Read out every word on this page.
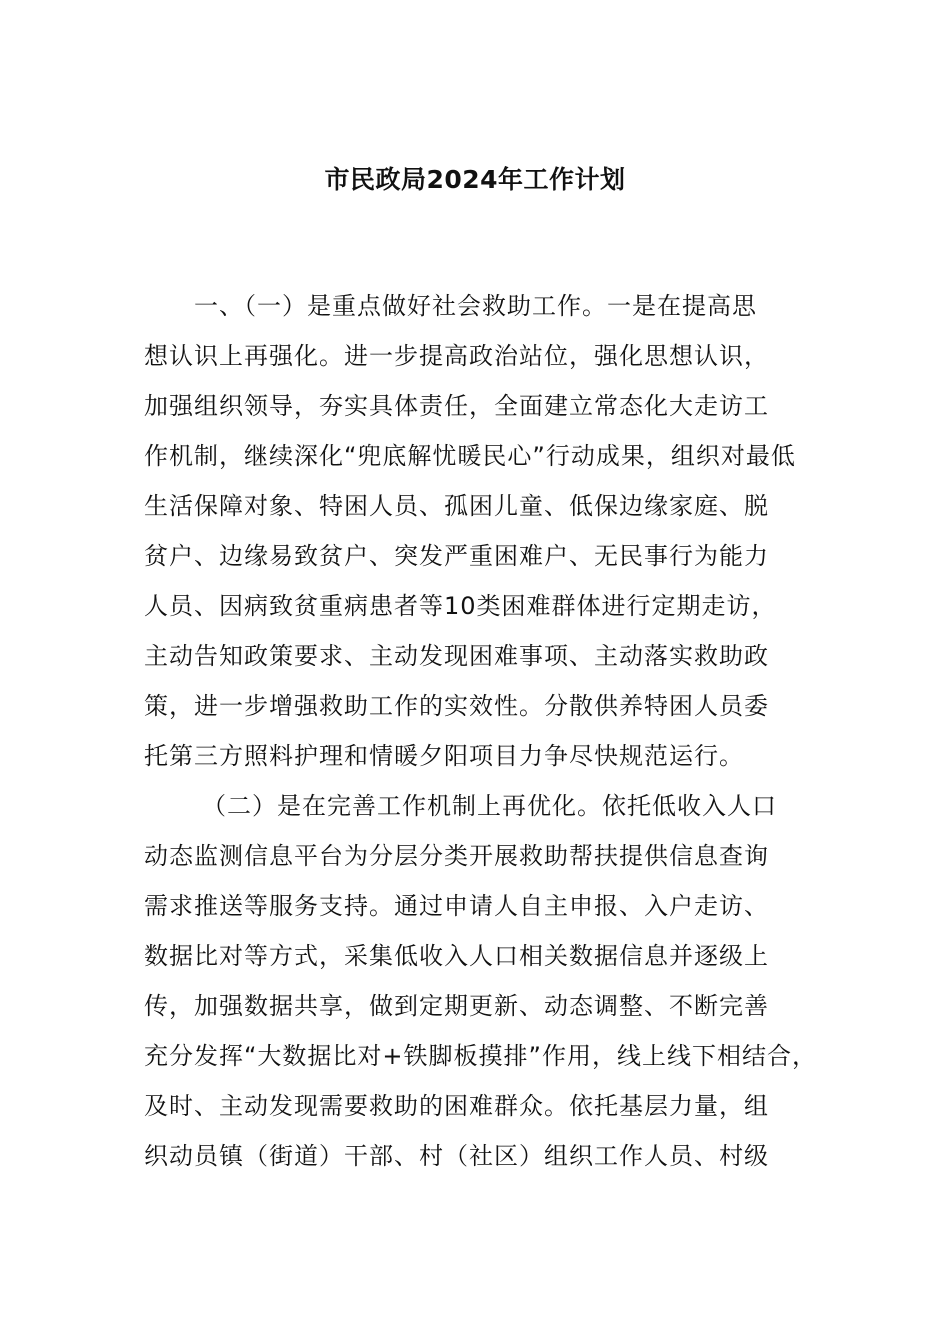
市民政局2024年工作计划
一、（一）是重点做好社会救助工作。一是在提高思
想认识上再强化。进一步提高政治站位，强化思想认识，
加强组织领导，夯实具体责任，全面建立常态化大走访工
作机制，继续深化“兜底解忧暖民心”行动成果，组织对最低
生活保障对象、特困人员、孤困儿童、低保边缘家庭、脱
贫户、边缘易致贫户、突发严重困难户、无民事行为能力
人员、因病致贫重病患者等10类困难群体进行定期走访，
主动告知政策要求、主动发现困难事项、主动落实救助政
策，进一步增强救助工作的实效性。分散供养特困人员委
托第三方照料护理和情暖夕阳项目力争尽快规范运行。
（二）是在完善工作机制上再优化。依托低收入人口
动态监测信息平台为分层分类开展救助帮扶提供信息查询
需求推送等服务支持。通过申请人自主申报、入户走访、
数据比对等方式，采集低收入人口相关数据信息并逐级上
传，加强数据共享，做到定期更新、动态调整、不断完善
充分发挥“大数据比对+铁脚板摸排”作用，线上线下相结合，
及时、主动发现需要救助的困难群众。依托基层力量，组
织动员镇（街道）干部、村（社区）组织工作人员、村级
